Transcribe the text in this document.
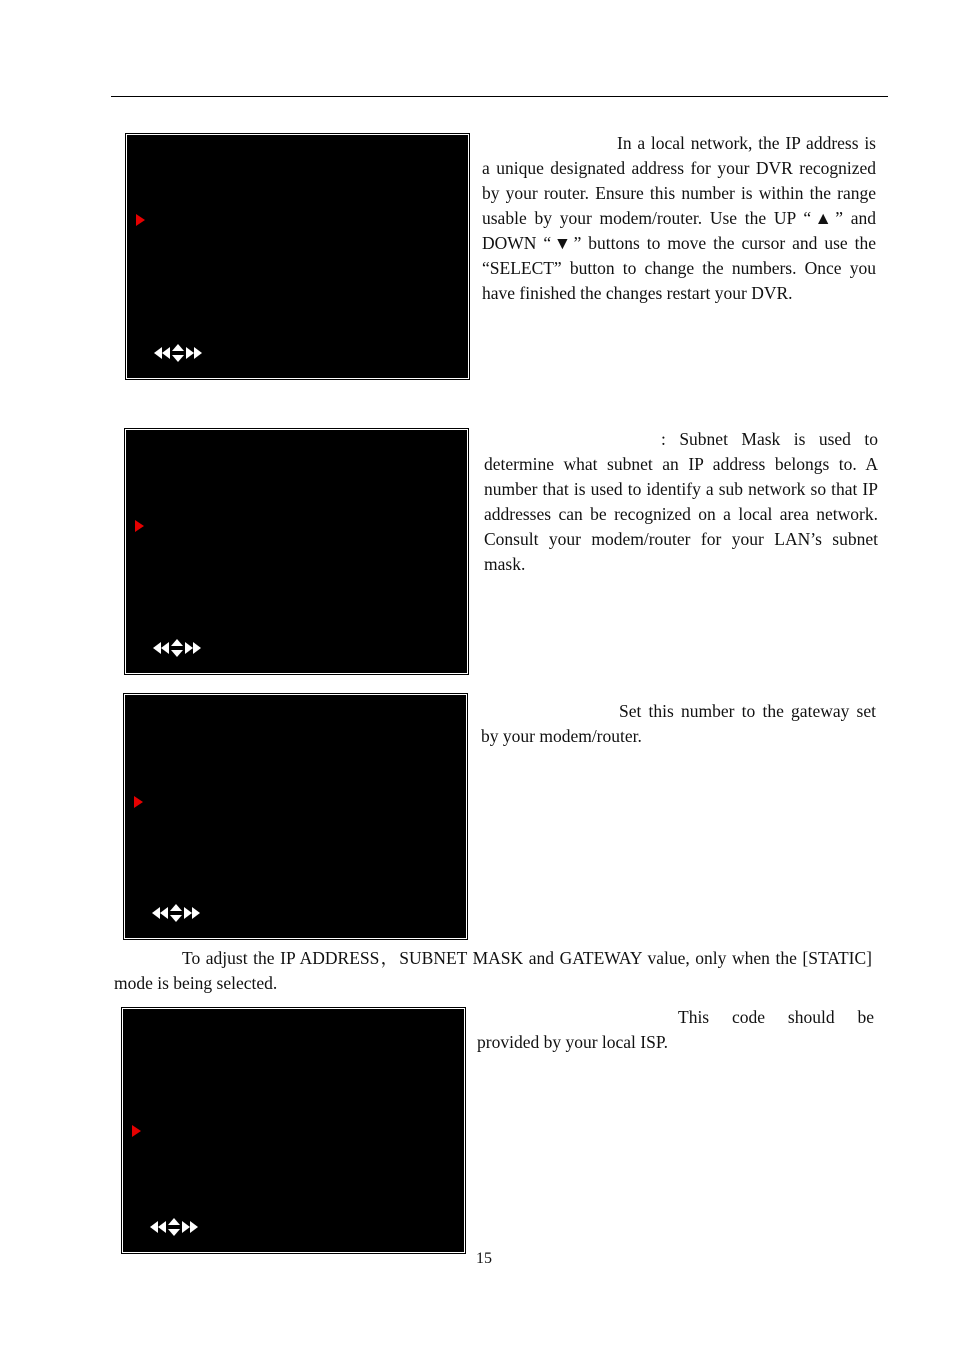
In a local network, the IP address is a unique designated address for your DVR recognized by your router. Ensure this number is within the range usable by your modem/router. Use the UP “▲” and DOWN “▼” buttons to move the cursor and use the “SELECT” button to change the numbers. Once you have finished the changes restart your DVR.

: Subnet Mask is used to determine what subnet an IP address belongs to. A number that is used to identify a sub network so that IP addresses can be recognized on a local area network. Consult your modem/router for your LAN’s subnet mask.

Set this number to the gateway set by your modem/router.

To adjust the IP ADDRESS，SUBNET MASK and GATEWAY value, only when the [STATIC] mode is being selected.

This code should be provided by your local ISP.

15
